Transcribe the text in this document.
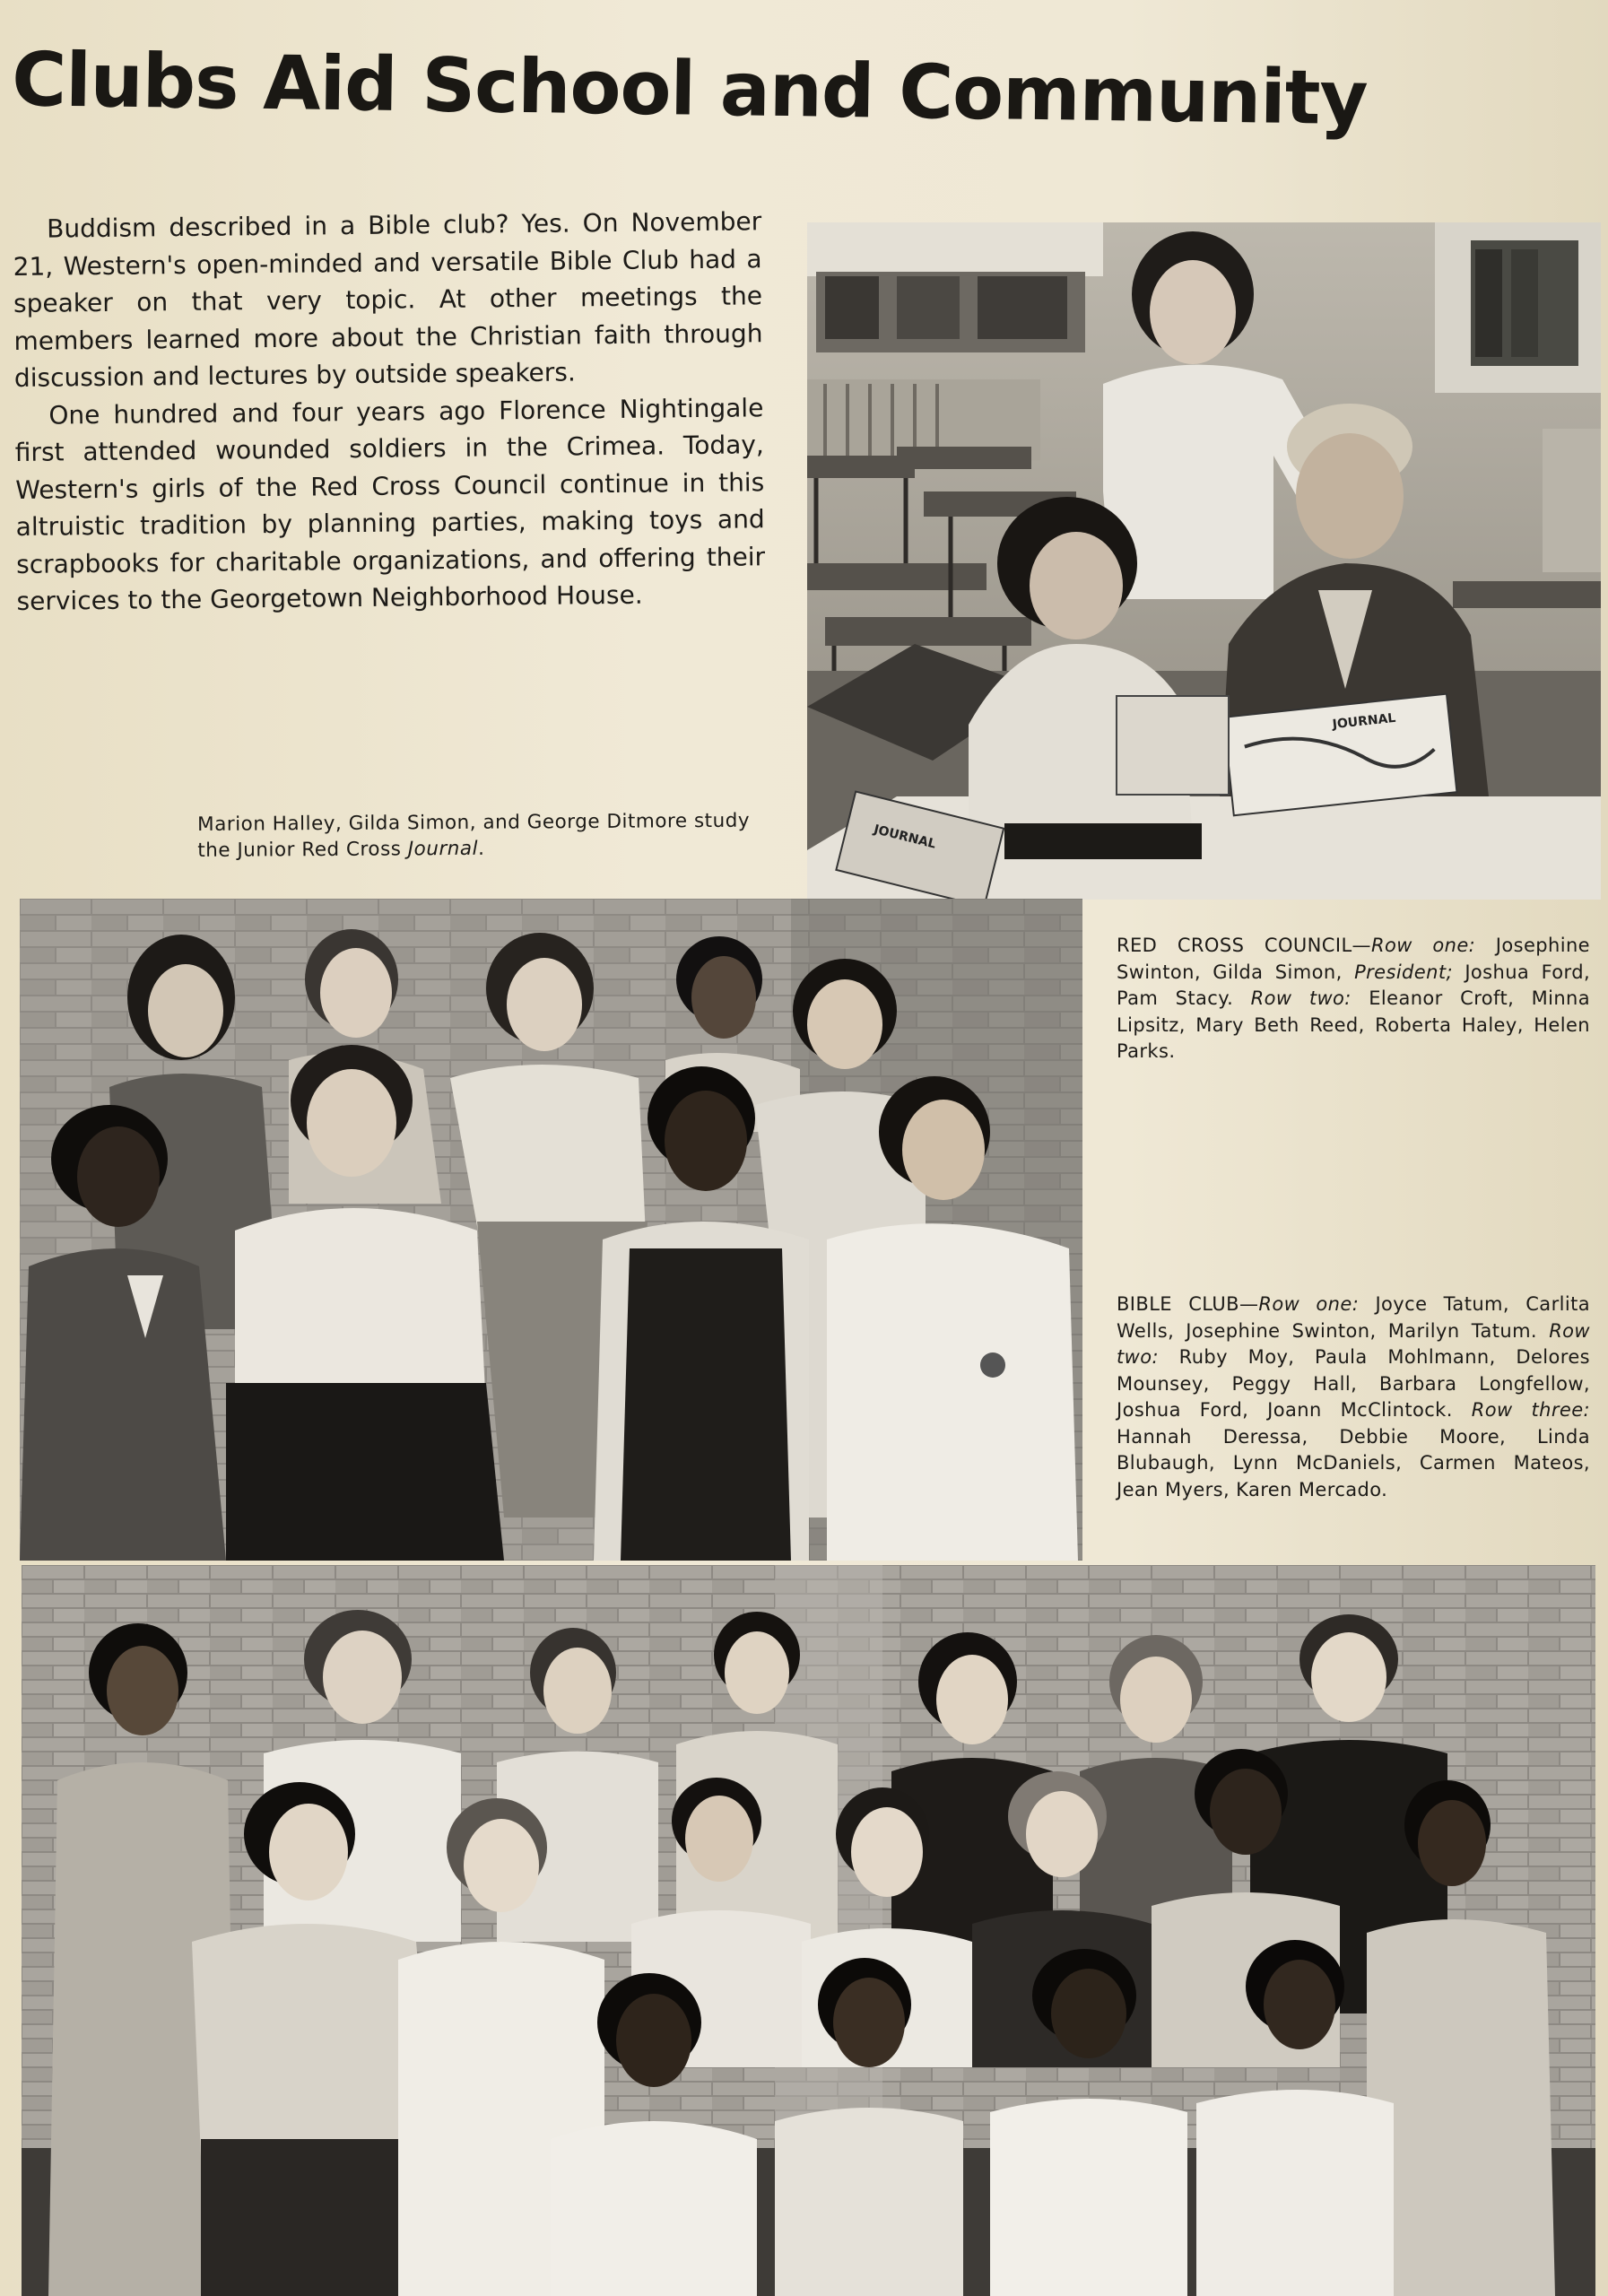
Clubs Aid School and Community

Buddism described in a Bible club? Yes. On November 21, Western's open-minded and versatile Bible Club had a speaker on that very topic. At other meetings the members learned more about the Christian faith through discussion and lectures by outside speakers.

One hundred and four years ago Florence Nightingale first attended wounded soldiers in the Crimea. Today, Western's girls of the Red Cross Council continue in this altruistic tradition by planning parties, making toys and scrapbooks for charitable organizations, and offering their services to the Georgetown Neighborhood House.

Marion Halley, Gilda Simon, and George Ditmore study the Junior Red Cross Journal.
JOURNAL
JOURNAL
RED CROSS COUNCIL—Row one: Josephine Swinton, Gilda Simon, President; Joshua Ford, Pam Stacy. Row two: Eleanor Croft, Minna Lipsitz, Mary Beth Reed, Roberta Haley, Helen Parks.
BIBLE CLUB—Row one: Joyce Tatum, Carlita Wells, Josephine Swinton, Marilyn Tatum. Row two: Ruby Moy, Paula Mohlmann, Delores Mounsey, Peggy Hall, Barbara Longfellow, Joshua Ford, Joann McClintock. Row three: Hannah Deressa, Debbie Moore, Linda Blubaugh, Lynn McDaniels, Carmen Mateos, Jean Myers, Karen Mercado.
